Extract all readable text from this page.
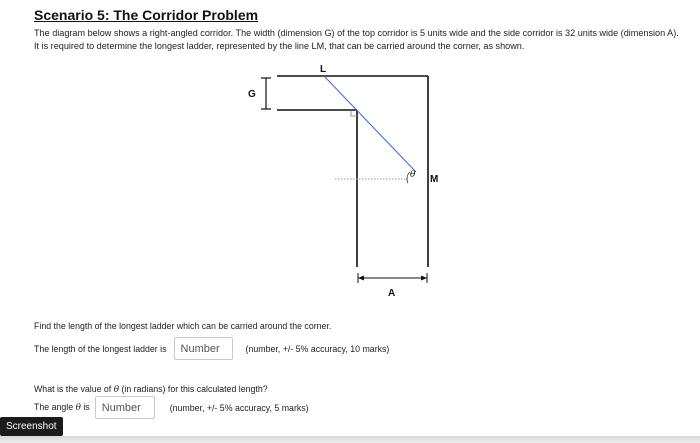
Scenario 5: The Corridor Problem

The diagram below shows a right-angled corridor. The width (dimension G) of the top corridor is 5 units wide and the side corridor is 32 units wide (dimension A). It is required to determine the longest ladder, represented by the line LM, that can be carried around the corner, as shown.

L
G
θ M
A
Find the length of the longest ladder which can be carried around the corner.
The length of the longest ladder is
Number	(number, +/- 5% accuracy, 10 marks)
What is the value of θ (in radians) for this calculated length?
The angle θ is
Number	(number, +/- 5% accuracy, 5 marks)
Screenshot
